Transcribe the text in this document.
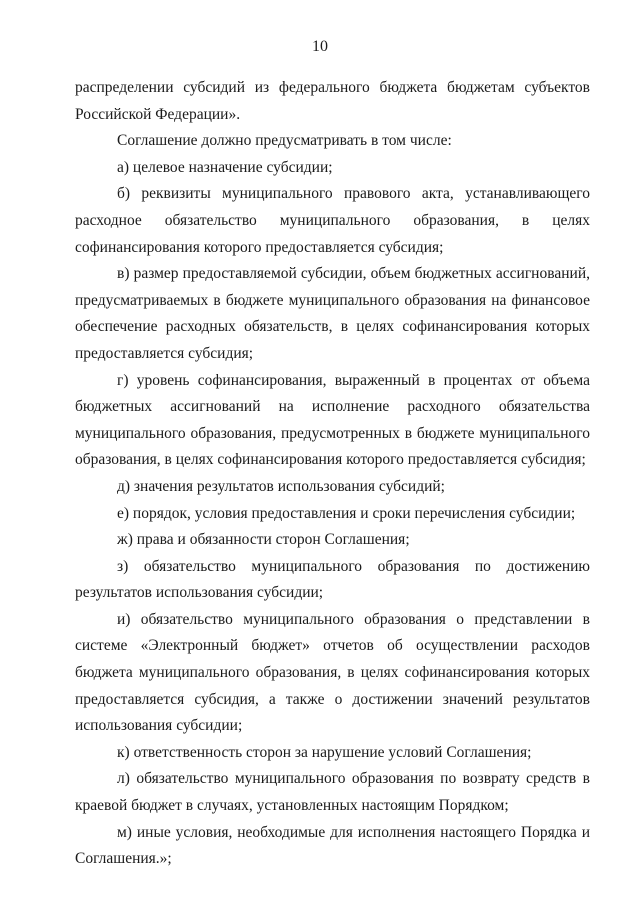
10

распределении субсидий из федерального бюджета бюджетам субъектов Российской Федерации».

Соглашение должно предусматривать в том числе:

а) целевое назначение субсидии;

б) реквизиты муниципального правового акта, устанавливающего расходное обязательство муниципального образования, в целях софинансирования которого предоставляется субсидия;

в) размер предоставляемой субсидии, объем бюджетных ассигнований, предусматриваемых в бюджете муниципального образования на финансовое обеспечение расходных обязательств, в целях софинансирования которых предоставляется субсидия;

г) уровень софинансирования, выраженный в процентах от объема бюджетных ассигнований на исполнение расходного обязательства муниципального образования, предусмотренных в бюджете муниципального образования, в целях софинансирования которого предоставляется субсидия;

д) значения результатов использования субсидий;

е) порядок, условия предоставления и сроки перечисления субсидии;

ж) права и обязанности сторон Соглашения;

з) обязательство муниципального образования по достижению результатов использования субсидии;

и) обязательство муниципального образования о представлении в системе «Электронный бюджет» отчетов об осуществлении расходов бюджета муниципального образования, в целях софинансирования которых предоставляется субсидия, а также о достижении значений результатов использования субсидии;

к) ответственность сторон за нарушение условий Соглашения;

л) обязательство муниципального образования по возврату средств в краевой бюджет в случаях, установленных настоящим Порядком;

м) иные условия, необходимые для исполнения настоящего Порядка и Соглашения.»;
